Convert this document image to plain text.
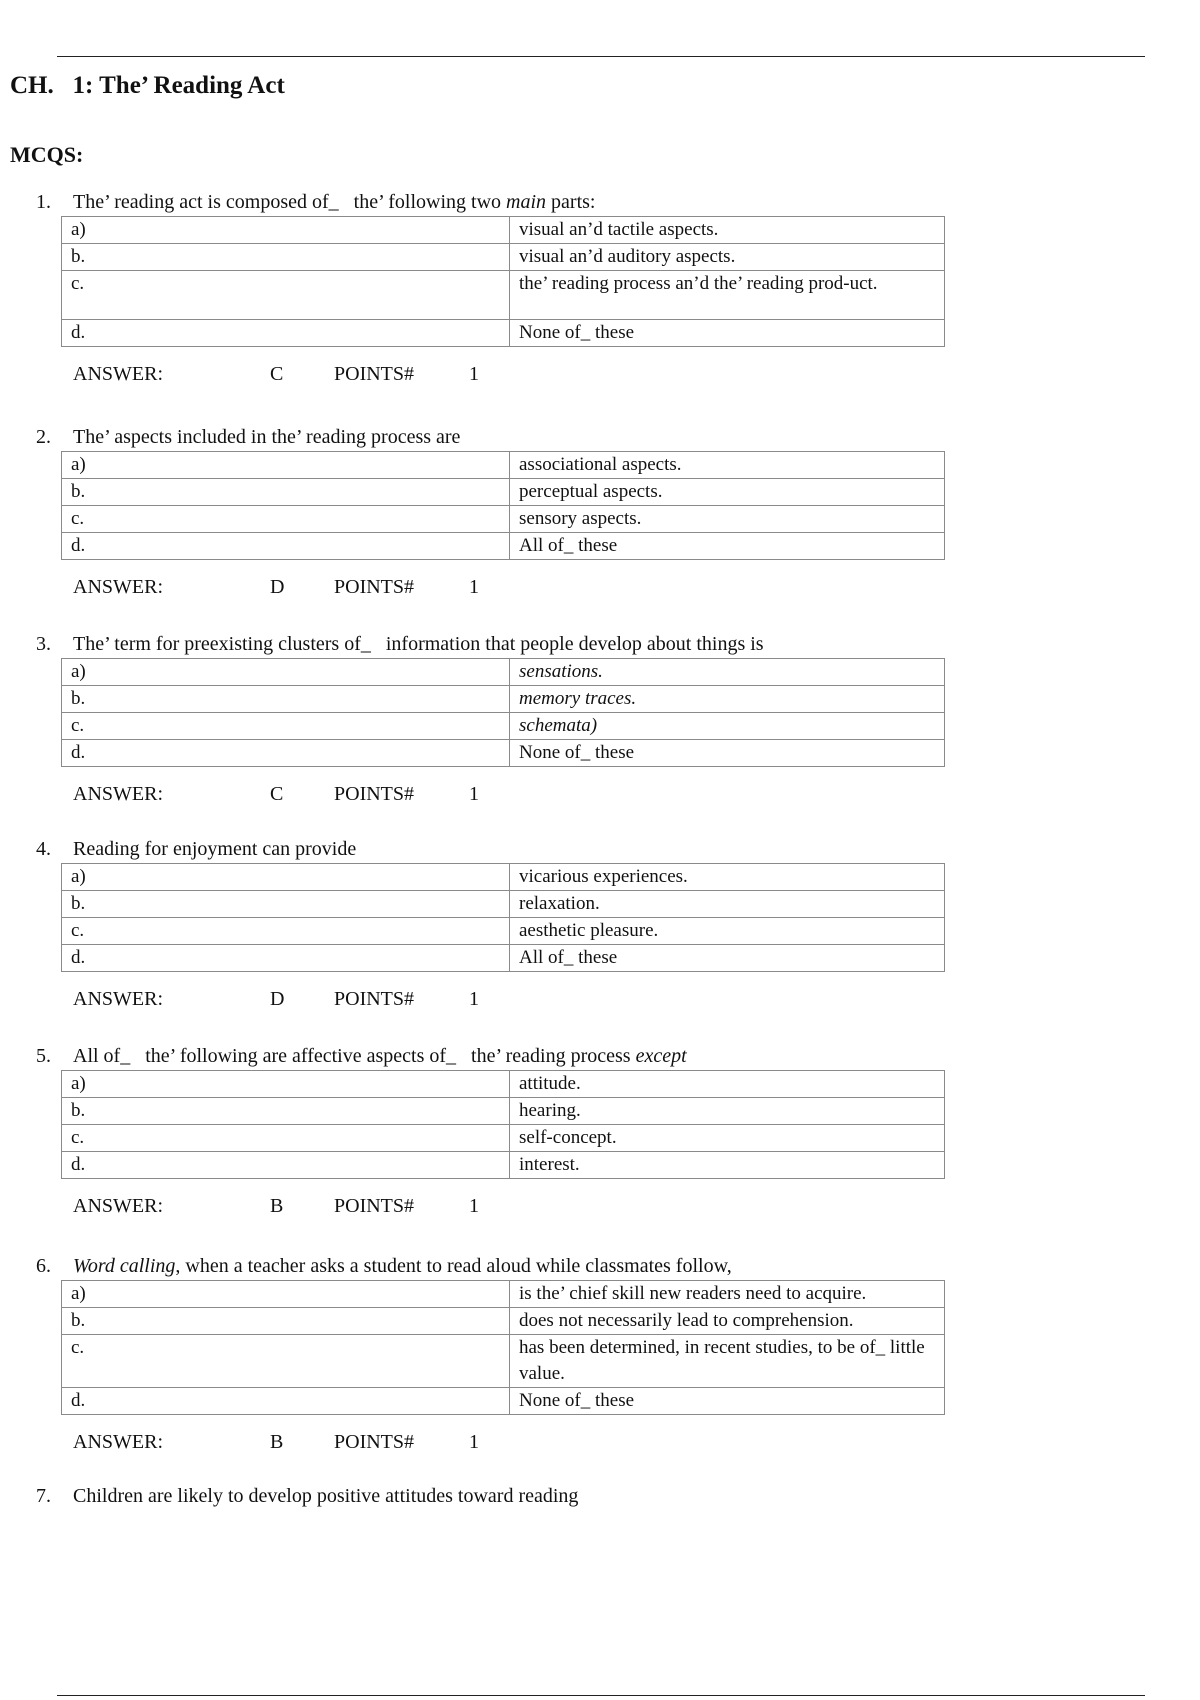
CH.   1: The’ Reading Act
MCQS:
1. The’ reading act is composed of_   the’ following two main parts:
a)	visual an’d tactile aspects.
b.	visual an’d auditory aspects.
c.	the’ reading process an’d the’ reading prod-uct.
d.	None of_ these
ANSWER:	C	POINTS#	1
2. The’ aspects included in the’ reading process are
a)	associational aspects.
b.	perceptual aspects.
c.	sensory aspects.
d.	All of_ these
ANSWER:	D POINTS#	1
3. The’ term for preexisting clusters of_   information that people develop about things is
a)	sensations.
b.	memory traces.
c.	schemata)
d.	None of_ these
ANSWER:	C	POINTS#	1
4. Reading for enjoyment can provide
a)	vicarious experiences.
b.	relaxation.
c.	aesthetic pleasure.
d.	All of_ these
ANSWER:	D POINTS#	1
5. All of_   the’ following are affective aspects of_   the’ reading process except
a)	attitude.
b.	hearing.
c.	self-concept.
d.	interest.
ANSWER:	B	POINTS#	1
6. Word calling, when a teacher asks a student to read aloud while classmates follow,
a)	is the’ chief skill new readers need to acquire.
b.	does not necessarily lead to comprehension.
c.	has been determined, in recent studies, to be of_ little value.
d.	None of_ these
ANSWER:	B	POINTS#	1
7. Children are likely to develop positive attitudes toward reading
